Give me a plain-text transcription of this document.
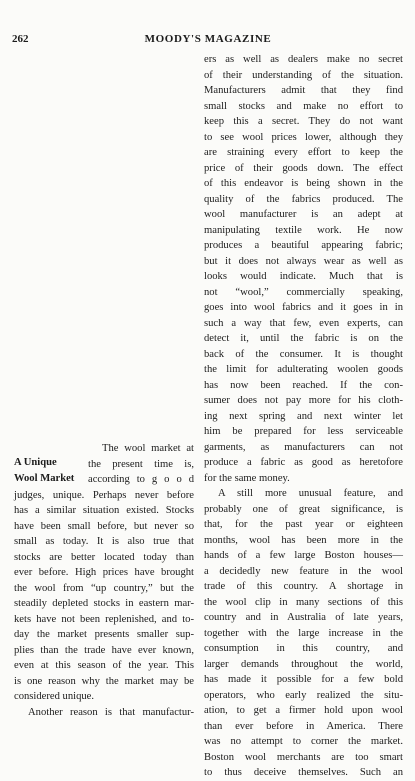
262	MOODY'S MAGAZINE
ers as well as dealers make no secret
of their understanding of the situation.
Manufacturers admit that they find
small stocks and make no effort to
keep this a secret. They do not want
to see wool prices lower, although they
are straining every effort to keep the
price of their goods down. The effect
of this endeavor is being shown in the
quality of the fabrics produced. The
wool manufacturer is an adept at
manipulating textile work. He now
produces a beautiful appearing fabric;
but it does not always wear as well as
looks would indicate. Much that is
not “wool,” commercially speaking,
goes into wool fabrics and it goes in in
such a way that few, even experts, can
detect it, until the fabric is on the
back of the consumer. It is thought
the limit for adulterating woolen goods
has now been reached. If the con-
sumer does not pay more for his cloth-
ing next spring and next winter let
him be prepared for less serviceable
garments, as manufacturers can not
produce a fabric as good as heretofore
for the same money.
A still more unusual feature, and
probably one of great significance, is
that, for the past year or eighteen
months, wool has been more in the
hands of a few large Boston houses—
a decidedly new feature in the wool
trade of this country. A shortage in
the wool clip in many sections of this
country and in Australia of late years,
together with the large increase in the
consumption in this country, and
larger demands throughout the world,
has made it possible for a few bold
operators, who early realized the situ-
ation, to get a firmer hold upon wool
than ever before in America. There
was no attempt to corner the market.
Boston wool merchants are too smart
to thus deceive themselves. Such an
A Unique
Wool Market
The wool market at
the present time is,
according to g o o d
judges, unique. Perhaps never before
has a similar situation existed. Stocks
have been small before, but never so
small as today. It is also true that
stocks are better located today than
ever before. High prices have brought
the wool from “up country,” but the
steadily depleted stocks in eastern mar-
kets have not been replenished, and to-
day the market presents smaller sup-
plies than the trade have ever known,
even at this season of the year. This
is one reason why the market may be
considered unique.
Another reason is that manufactur-
